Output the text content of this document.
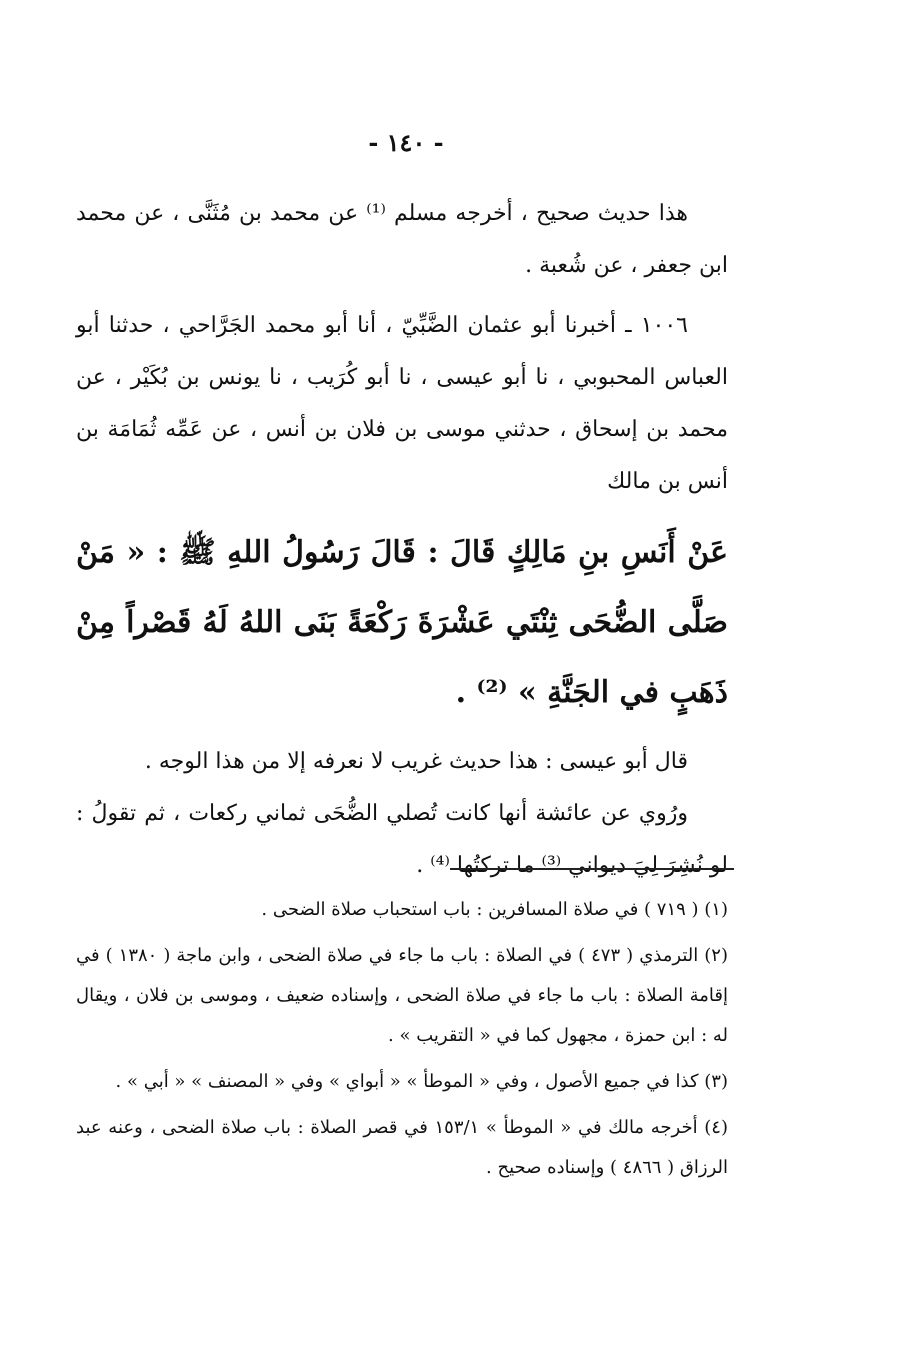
- ١٤٠ -

هذا حديث صحيح ، أخرجه مسلم ⁽¹⁾ عن محمد بن مُثَنَّى ، عن محمد ابن جعفر ، عن شُعبة .

١٠٠٦ ـ أخبرنا أبو عثمان الضَّبِّيّ ، أنا أبو محمد الجَرَّاحي ، حدثنا أبو العباس المحبوبي ، نا أبو عيسى ، نا أبو كُرَيب ، نا يونس بن بُكَيْر ، عن محمد بن إسحاق ، حدثني موسى بن فلان بن أنس ، عن عَمِّه ثُمَامَة بن أنس بن مالك

عَنْ أَنَسِ بنِ مَالِكٍ قَالَ : قَالَ رَسُولُ اللهِ ﷺ : « مَنْ صَلَّى الضُّحَى ثِنْتَي عَشْرَةَ رَكْعَةً بَنَى اللهُ لَهُ قَصْراً مِنْ ذَهَبٍ في الجَنَّةِ » ⁽²⁾ .

قال أبو عيسى : هذا حديث غريب لا نعرفه إلا من هذا الوجه .

ورُوي عن عائشة أنها كانت تُصلي الضُّحَى ثماني ركعات ، ثم تقولُ : لو نُشِرَ لِيَ ديواني ⁽³⁾ ما تركتُها ⁽⁴⁾ .

(١) ( ٧١٩ ) في صلاة المسافرين : باب استحباب صلاة الضحى .

(٢) الترمذي ( ٤٧٣ ) في الصلاة : باب ما جاء في صلاة الضحى ، وابن ماجة ( ١٣٨٠ ) في إقامة الصلاة : باب ما جاء في صلاة الضحى ، وإسناده ضعيف ، وموسى بن فلان ، ويقال له : ابن حمزة ، مجهول كما في « التقريب » .

(٣) كذا في جميع الأصول ، وفي « الموطأ » « أبواي » وفي « المصنف » « أبي » .

(٤) أخرجه مالك في « الموطأ » ١٥٣/١ في قصر الصلاة : باب صلاة الضحى ، وعنه عبد الرزاق ( ٤٨٦٦ ) وإسناده صحيح .
